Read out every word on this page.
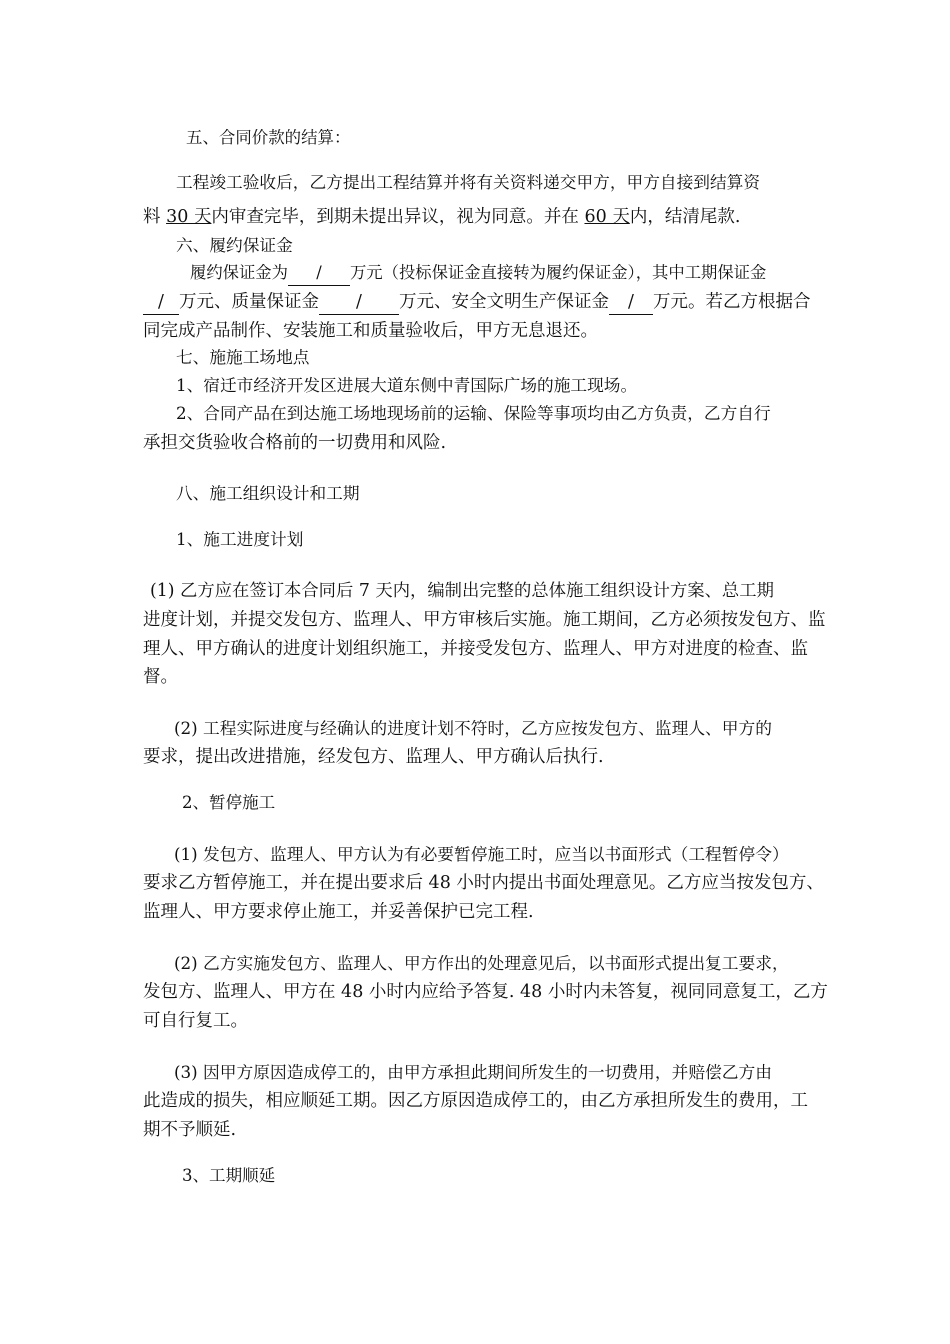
五、合同价款的结算：
工程竣工验收后，乙方提出工程结算并将有关资料递交甲方，甲方自接到结算资
料 30 天内审查完毕，到期未提出异议，视为同意。并在 60 天内，结清尾款.
六、履约保证金
履约保证金为 / 万元（投标保证金直接转为履约保证金），其中工期保证金
/ 万元、质量保证金 / 万元、安全文明生产保证金 / 万元。若乙方根据合
同完成产品制作、安装施工和质量验收后，甲方无息退还。
七、施施工场地点
1、宿迁市经济开发区进展大道东侧中青国际广场的施工现场。
2、合同产品在到达施工场地现场前的运输、保险等事项均由乙方负责，乙方自行
承担交货验收合格前的一切费用和风险.
八、施工组织设计和工期
1、施工进度计划
(1) 乙方应在签订本合同后 7 天内，编制出完整的总体施工组织设计方案、总工期
进度计划，并提交发包方、监理人、甲方审核后实施。施工期间，乙方必须按发包方、监
理人、甲方确认的进度计划组织施工，并接受发包方、监理人、甲方对进度的检查、监
督。
(2) 工程实际进度与经确认的进度计划不符时，乙方应按发包方、监理人、甲方的
要求，提出改进措施，经发包方、监理人、甲方确认后执行.
2、暂停施工
(1) 发包方、监理人、甲方认为有必要暂停施工时，应当以书面形式（工程暂停令）
要求乙方暂停施工，并在提出要求后 48 小时内提出书面处理意见。乙方应当按发包方、
监理人、甲方要求停止施工，并妥善保护已完工程.
(2) 乙方实施发包方、监理人、甲方作出的处理意见后，以书面形式提出复工要求，
发包方、监理人、甲方在 48 小时内应给予答复. 48 小时内未答复，视同同意复工，乙方
可自行复工。
(3) 因甲方原因造成停工的，由甲方承担此期间所发生的一切费用，并赔偿乙方由
此造成的损失，相应顺延工期。因乙方原因造成停工的，由乙方承担所发生的费用，工
期不予顺延.
3、工期顺延
